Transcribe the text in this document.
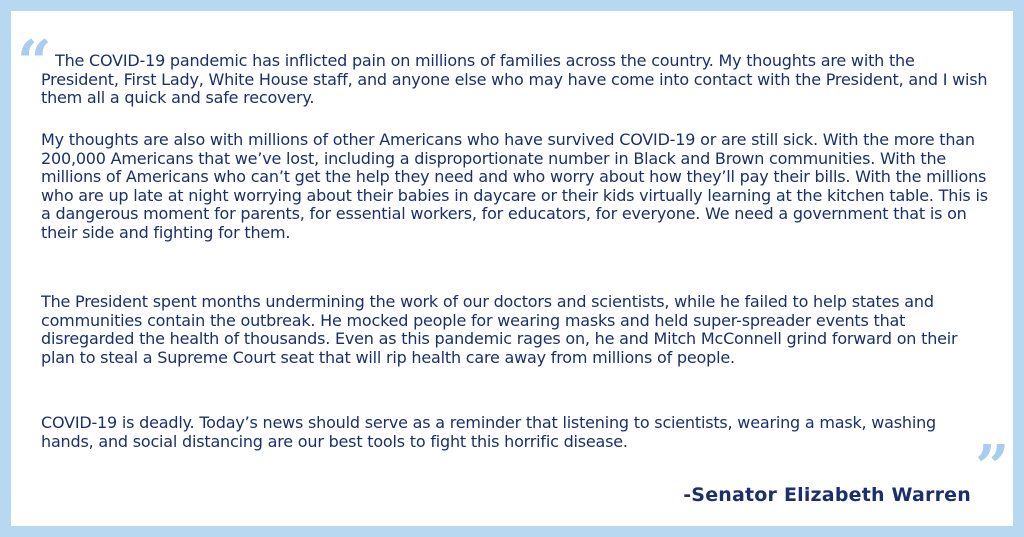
“ The COVID-19 pandemic has inflicted pain on millions of families across the country. My thoughts are with the President, First Lady, White House staff, and anyone else who may have come into contact with the President, and I wish them all a quick and safe recovery.

My thoughts are also with millions of other Americans who have survived COVID-19 or are still sick. With the more than 200,000 Americans that we’ve lost, including a disproportionate number in Black and Brown communities. With the millions of Americans who can’t get the help they need and who worry about how they’ll pay their bills. With the millions who are up late at night worrying about their babies in daycare or their kids virtually learning at the kitchen table. This is a dangerous moment for parents, for essential workers, for educators, for everyone. We need a government that is on their side and fighting for them.

The President spent months undermining the work of our doctors and scientists, while he failed to help states and communities contain the outbreak. He mocked people for wearing masks and held super-spreader events that disregarded the health of thousands. Even as this pandemic rages on, he and Mitch McConnell grind forward on their plan to steal a Supreme Court seat that will rip health care away from millions of people.

COVID-19 is deadly. Today’s news should serve as a reminder that listening to scientists, wearing a mask, washing hands, and social distancing are our best tools to fight this horrific disease.	”
-Senator Elizabeth Warren
